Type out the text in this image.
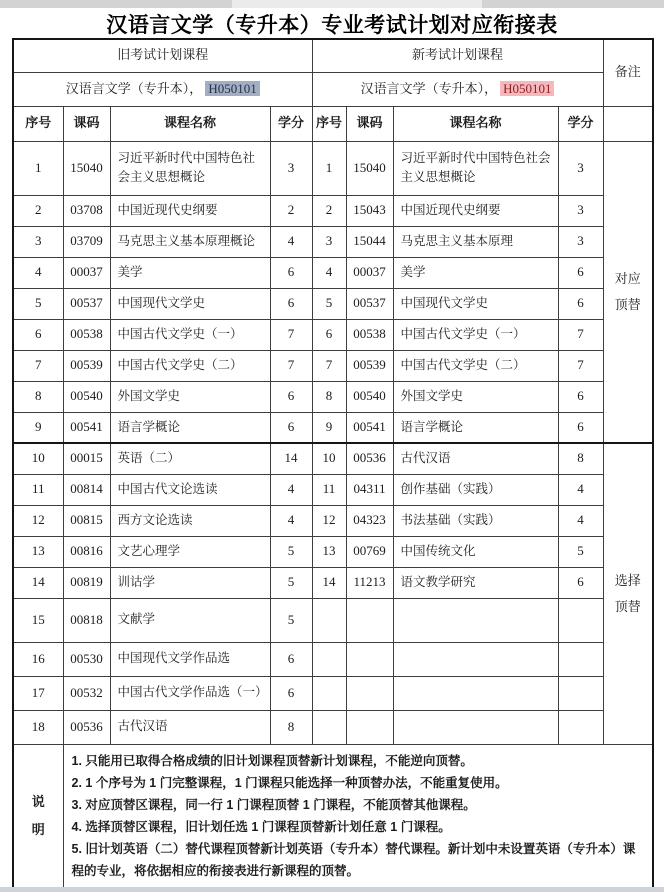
汉语言文学（专升本）专业考试计划对应衔接表
旧考试计划课程				新考试计划课程				备注
汉语言文学（专升本）， H050101				汉语言文学（专升本）， H050101				
序号	课码	课程名称	学分	序号	课码	课程名称	学分	
1	15040	习近平新时代中国特色社会主义思想概论	3	1	15040	习近平新时代中国特色社会主义思想概论	3	对应顶替
2	03708	中国近现代史纲要	2	2	15043	中国近现代史纲要	3	
3	03709	马克思主义基本原理概论	4	3	15044	马克思主义基本原理	3	
4	00037	美学	6	4	00037	美学	6	
5	00537	中国现代文学史	6	5	00537	中国现代文学史	6	
6	00538	中国古代文学史（一）	7	6	00538	中国古代文学史（一）	7	
7	00539	中国古代文学史（二）	7	7	00539	中国古代文学史（二）	7	
8	00540	外国文学史	6	8	00540	外国文学史	6	
9	00541	语言学概论	6	9	00541	语言学概论	6	
10	00015	英语（二）	14	10	00536	古代汉语	8	选择顶替
11	00814	中国古代文论选读	4	11	04311	创作基础（实践）	4	
12	00815	西方文论选读	4	12	04323	书法基础（实践）	4	
13	00816	文艺心理学	5	13	00769	中国传统文化	5	
14	00819	训诂学	5	14	11213	语文教学研究	6	
15	00818	文献学	5					
16	00530	中国现代文学作品选	6					
17	00532	中国古代文学作品选（一）	6					
18	00536	古代汉语	8					
说明	1. 只能用已取得合格成绩的旧计划课程顶替新计划课程，不能逆向顶替。
2. 1 个序号为 1 门完整课程，1 门课程只能选择一种顶替办法，不能重复使用。
3. 对应顶替区课程，同一行 1 门课程顶替 1 门课程，不能顶替其他课程。
4. 选择顶替区课程，旧计划任选 1 门课程顶替新计划任意 1 门课程。
5. 旧计划英语（二）替代课程顶替新计划英语（专升本）替代课程。新计划中未设置英语（专升本）课程的专业，将依据相应的衔接表进行新课程的顶替。							
